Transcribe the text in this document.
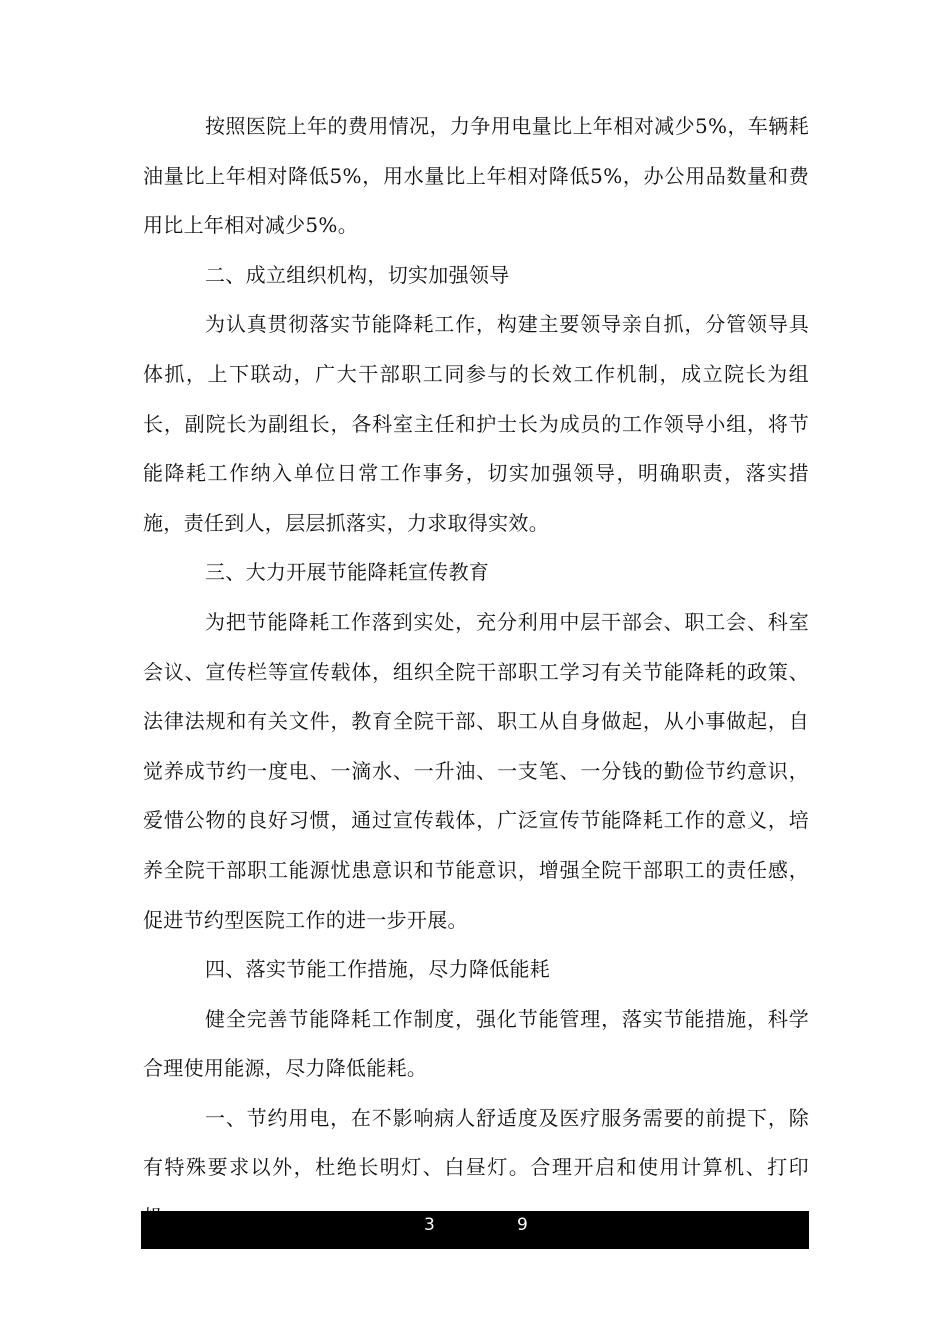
按照医院上年的费用情况，力争用电量比上年相对减少5%，车辆耗油量比上年相对降低5%，用水量比上年相对降低5%，办公用品数量和费用比上年相对减少5%。

二、成立组织机构，切实加强领导

为认真贯彻落实节能降耗工作，构建主要领导亲自抓，分管领导具体抓，上下联动，广大干部职工同参与的长效工作机制，成立院长为组长，副院长为副组长，各科室主任和护士长为成员的工作领导小组，将节能降耗工作纳入单位日常工作事务，切实加强领导，明确职责，落实措施，责任到人，层层抓落实，力求取得实效。

三、大力开展节能降耗宣传教育

为把节能降耗工作落到实处，充分利用中层干部会、职工会、科室会议、宣传栏等宣传载体，组织全院干部职工学习有关节能降耗的政策、法律法规和有关文件，教育全院干部、职工从自身做起，从小事做起，自觉养成节约一度电、一滴水、一升油、一支笔、一分钱的勤俭节约意识，爱惜公物的良好习惯，通过宣传载体，广泛宣传节能降耗工作的意义，培养全院干部职工能源忧患意识和节能意识，增强全院干部职工的责任感，促进节约型医院工作的进一步开展。

四、落实节能工作措施，尽力降低能耗

健全完善节能降耗工作制度，强化节能管理，落实节能措施，科学合理使用能源，尽力降低能耗。

一、节约用电，在不影响病人舒适度及医疗服务需要的前提下，除有特殊要求以外，杜绝长明灯、白昼灯。合理开启和使用计算机、打印

3	9
